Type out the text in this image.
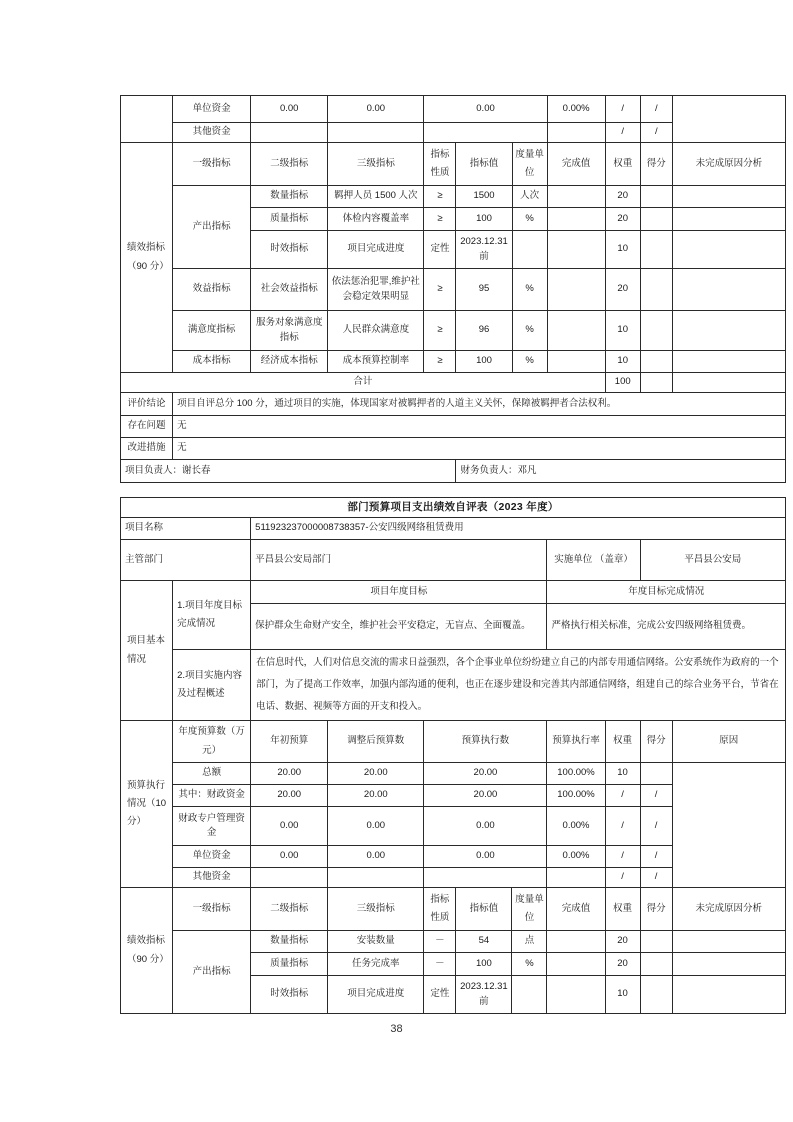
	单位资金	0.00	0.00	0.00			0.00%	/	/	
	其他资金							/	/	
绩效指标 （90 分）	一级指标	二级指标	三级指标	指标性质	指标值	度量单位	完成值	权重	得分	未完成原因分析
	产出指标	数量指标	羁押人员 1500 人次	≥	1500	人次		20		
		质量指标	体检内容覆盖率	≥	100	%		20		
		时效指标	项目完成进度	定性	2023.12.31 前			10		
	效益指标	社会效益指标	依法惩治犯罪,维护社会稳定效果明显	≥	95	%		20		
	满意度指标	服务对象满意度指标	人民群众满意度	≥	96	%		10		
	成本指标	经济成本指标	成本预算控制率	≥	100	%		10		
合计								100		
评价结论	项目自评总分 100 分，通过项目的实施，体现国家对被羁押者的人道主义关怀，保障被羁押者合法权利。									
存在问题	无									
改进措施	无									
项目负责人：谢长春					财务负责人：邓凡					
部门预算项目支出绩效自评表（2023 年度）										
项目名称		511923237000008738357-公安四级网络租赁费用								
主管部门		平昌县公安局部门					实施单位 （盖章）		平昌县公安局	
项目基本 情况	1.项目年度目标完成情况	项目年度目标					年度目标完成情况			
		保护群众生命财产安全，维护社会平安稳定，无盲点、全面覆盖。					严格执行相关标准，完成公安四级网络租赁费。			
	2.项目实施内容及过程概述	在信息时代，人们对信息交流的需求日益强烈，各个企事业单位纷纷建立自己的内部专用通信网络。公安系统作为政府的一个部门，为了提高工作效率，加强内部沟通的便利，也正在逐步建设和完善其内部通信网络，组建自己的综合业务平台，节省在电话、数据、视频等方面的开支和投入。								
预算执行 情况（10 分）	年度预算数（万元）	年初预算	调整后预算数	预算执行数			预算执行率	权重	得分	原因
	总额	20.00	20.00	20.00			100.00%	10		
	其中：财政资金	20.00	20.00	20.00			100.00%	/	/	
	财政专户管理资金	0.00	0.00	0.00			0.00%	/	/	
	单位资金	0.00	0.00	0.00			0.00%	/	/	
	其他资金							/	/	
绩效指标 （90 分）	一级指标	二级指标	三级指标	指标性质	指标值	度量单位	完成值	权重	得分	未完成原因分析
	产出指标	数量指标	安装数量	－	54	点		20		
		质量指标	任务完成率	－	100	%		20		
		时效指标	项目完成进度	定性	2023.12.31 前			10		
38
